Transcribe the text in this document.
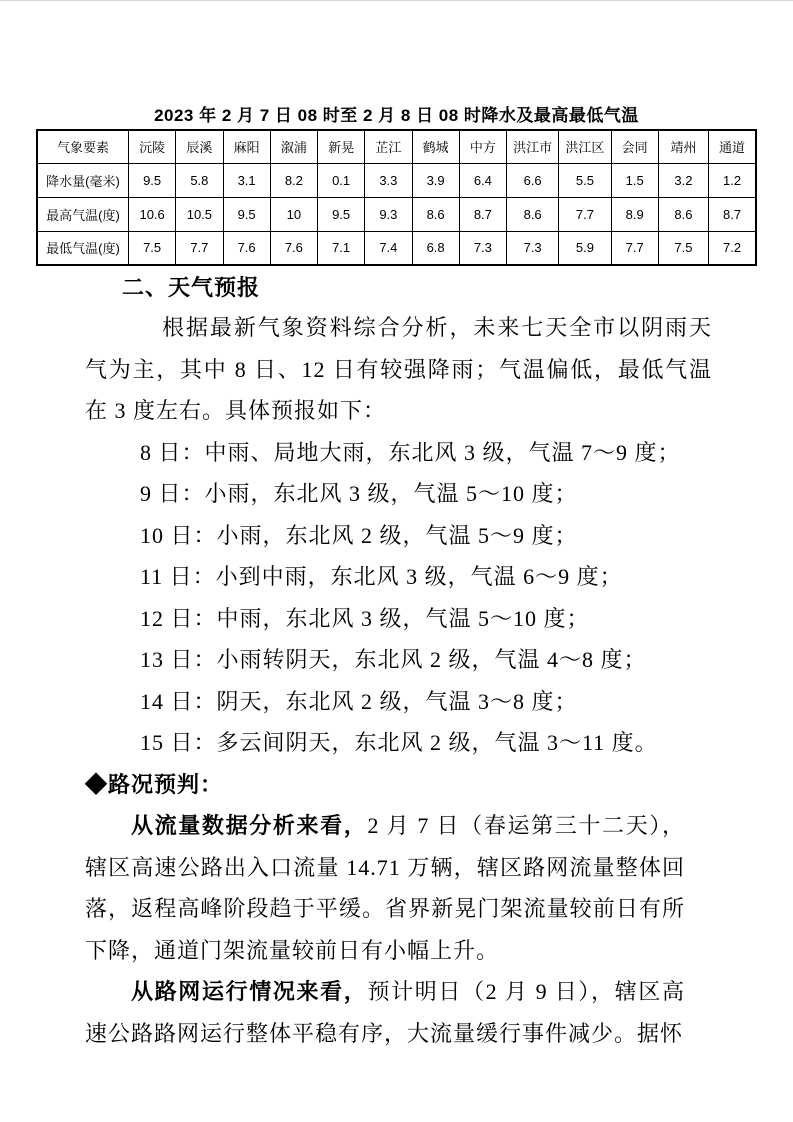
2023 年 2 月 7 日 08 时至 2 月 8 日 08 时降水及最高最低气温
气象要素	沅陵	辰溪	麻阳	溆浦	新晃	芷江	鹤城	中方	洪江市	洪江区	会同	靖州	通道
降水量(毫米)	9.5	5.8	3.1	8.2	0.1	3.3	3.9	6.4	6.6	5.5	1.5	3.2	1.2
最高气温(度)	10.6	10.5	9.5	10	9.5	9.3	8.6	8.7	8.6	7.7	8.9	8.6	8.7
最低气温(度)	7.5	7.7	7.6	7.6	7.1	7.4	6.8	7.3	7.3	5.9	7.7	7.5	7.2
二、天气预报

根据最新气象资料综合分析，未来七天全市以阴雨天气为主，其中 8 日、12 日有较强降雨；气温偏低，最低气温在 3 度左右。具体预报如下：

8 日：中雨、局地大雨，东北风 3 级，气温 7～9 度；

9 日：小雨，东北风 3 级，气温 5～10 度；

10 日：小雨，东北风 2 级，气温 5～9 度；

11 日：小到中雨，东北风 3 级，气温 6～9 度；

12 日：中雨，东北风 3 级，气温 5～10 度；

13 日：小雨转阴天，东北风 2 级，气温 4～8 度；

14 日：阴天，东北风 2 级，气温 3～8 度；

15 日：多云间阴天，东北风 2 级，气温 3～11 度。

◆路况预判：

从流量数据分析来看，2 月 7 日（春运第三十二天），辖区高速公路出入口流量 14.71 万辆，辖区路网流量整体回落，返程高峰阶段趋于平缓。省界新晃门架流量较前日有所下降，通道门架流量较前日有小幅上升。

从路网运行情况来看，预计明日（2 月 9 日），辖区高速公路路网运行整体平稳有序，大流量缓行事件减少。据怀
